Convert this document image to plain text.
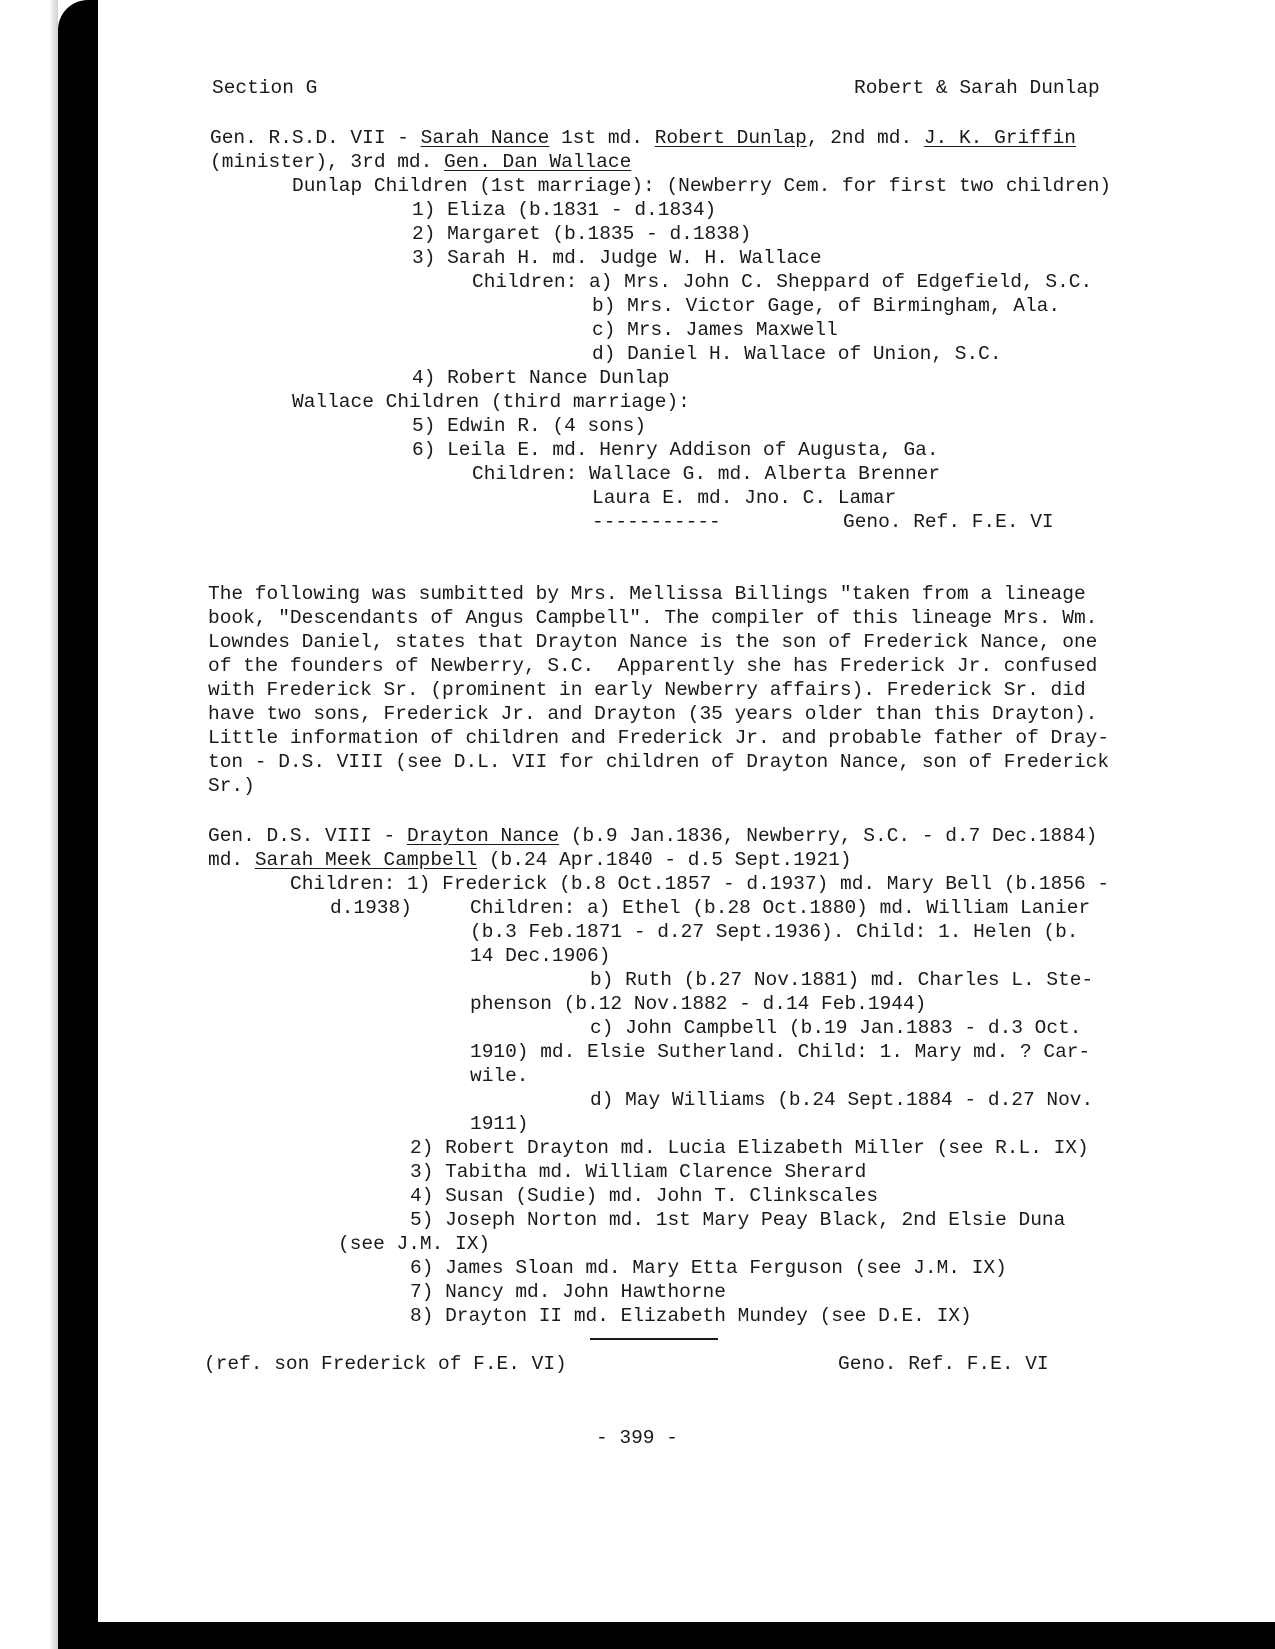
Section G	Robert & Sarah Dunlap
Gen. R.S.D. VII - Sarah Nance 1st md. Robert Dunlap, 2nd md. J. K. Griffin
(minister), 3rd md. Gen. Dan Wallace
Dunlap Children (1st marriage): (Newberry Cem. for first two children)
1) Eliza (b.1831 - d.1834)
2) Margaret (b.1835 - d.1838)
3) Sarah H. md. Judge W. H. Wallace
Children: a) Mrs. John C. Sheppard of Edgefield, S.C.
b) Mrs. Victor Gage, of Birmingham, Ala.
c) Mrs. James Maxwell
d) Daniel H. Wallace of Union, S.C.
4) Robert Nance Dunlap
Wallace Children (third marriage):
5) Edwin R. (4 sons)
6) Leila E. md. Henry Addison of Augusta, Ga.
Children: Wallace G. md. Alberta Brenner
Laura E. md. Jno. C. Lamar
-----------	Geno. Ref. F.E. VI
The following was sumbitted by Mrs. Mellissa Billings "taken from a lineage
book, "Descendants of Angus Campbell". The compiler of this lineage Mrs. Wm.
Lowndes Daniel, states that Drayton Nance is the son of Frederick Nance, one
of the founders of Newberry, S.C.  Apparently she has Frederick Jr. confused
with Frederick Sr. (prominent in early Newberry affairs). Frederick Sr. did
have two sons, Frederick Jr. and Drayton (35 years older than this Drayton).
Little information of children and Frederick Jr. and probable father of Dray-
ton - D.S. VIII (see D.L. VII for children of Drayton Nance, son of Frederick
Sr.)
Gen. D.S. VIII - Drayton Nance (b.9 Jan.1836, Newberry, S.C. - d.7 Dec.1884)
md. Sarah Meek Campbell (b.24 Apr.1840 - d.5 Sept.1921)
Children: 1) Frederick (b.8 Oct.1857 - d.1937) md. Mary Bell (b.1856 -
d.1938)	Children: a) Ethel (b.28 Oct.1880) md. William Lanier
(b.3 Feb.1871 - d.27 Sept.1936). Child: 1. Helen (b.
14 Dec.1906)
b) Ruth (b.27 Nov.1881) md. Charles L. Ste-
phenson (b.12 Nov.1882 - d.14 Feb.1944)
c) John Campbell (b.19 Jan.1883 - d.3 Oct.
1910) md. Elsie Sutherland. Child: 1. Mary md. ? Car-
wile.
d) May Williams (b.24 Sept.1884 - d.27 Nov.
1911)
2) Robert Drayton md. Lucia Elizabeth Miller (see R.L. IX)
3) Tabitha md. William Clarence Sherard
4) Susan (Sudie) md. John T. Clinkscales
5) Joseph Norton md. 1st Mary Peay Black, 2nd Elsie Duna
(see J.M. IX)
6) James Sloan md. Mary Etta Ferguson (see J.M. IX)
7) Nancy md. John Hawthorne
8) Drayton II md. Elizabeth Mundey (see D.E. IX)
(ref. son Frederick of F.E. VI)	Geno. Ref. F.E. VI
- 399 -
